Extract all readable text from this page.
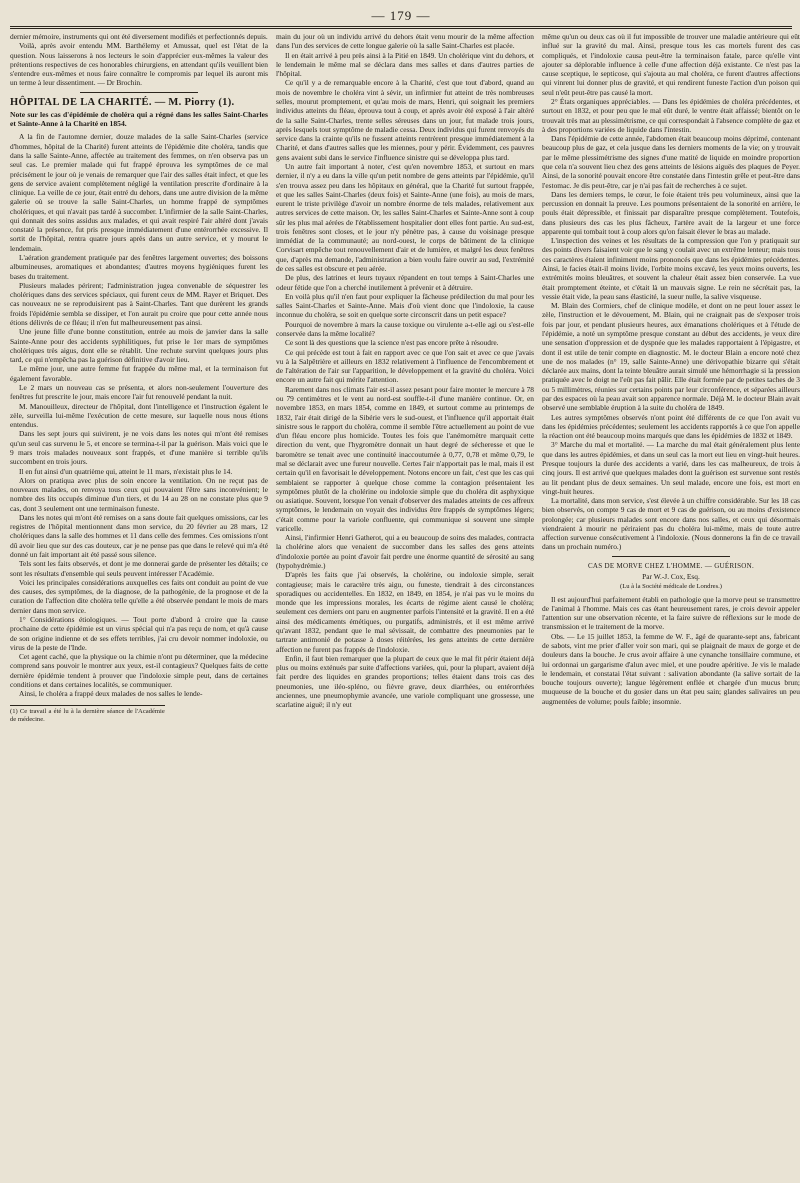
— 179 —

dernier mémoire, instruments qui ont été diversement modifiés et perfectionnés depuis.

Voilà, après avoir entendu MM. Barthélemy et Amussat, quel est l'état de la question. Nous laisserons à nos lecteurs le soin d'apprécier eux-mêmes la valeur des prétentions respectives de ces honorables chirurgiens, en attendant qu'ils veuillent bien s'entendre eux-mêmes et nous faire connaître le compromis par lequel ils auront mis un terme à leur dissentiment. — Dr Brochin.

HÔPITAL DE LA CHARITÉ. — M. Piorry (1).
Note sur les cas d'épidémie de choléra qui a régné dans les salles Saint-Charles et Sainte-Anne à la Charité en 1854.

A la fin de l'automne dernier, douze malades de la salle Saint-Charles (service d'hommes, hôpital de la Charité) furent atteints de l'épidémie dite choléra, tandis que dans la salle Sainte-Anne, affectée au traitement des femmes, on n'en observa pas un seul cas. Le premier malade qui fut frappé éprouva les symptômes de ce mal précisément le jour où je venais de remarquer que l'air des salles était infect, et que les gens de service avaient complètement négligé la ventilation prescrite d'ordinaire à la clinique. La veille de ce jour, était entré du dehors, dans une autre division de la même galerie où se trouve la salle Saint-Charles, un homme frappé de symptômes cholériques, et qui n'avait pas tardé à succomber. L'infirmier de la salle Saint-Charles, qui donnait des soins assidus aux malades, et qui avait respiré l'air altéré dont j'avais constaté la présence, fut pris presque immédiatement d'une entérorrhée excessive. Il sortit de l'hôpital, rentra quatre jours après dans un autre service, et y mourut le lendemain.

L'aération grandement pratiquée par des fenêtres largement ouvertes; des boissons albumineuses, aromatiques et abondantes; d'autres moyens hygiéniques furent les bases du traitement.

Plusieurs malades périrent; l'administration jugea convenable de séquestrer les cholériques dans des services spéciaux, qui furent ceux de MM. Rayer et Briquet. Des cas nouveaux ne se reproduisirent pas à Saint-Charles. Tant que durèrent les grands froids l'épidémie sembla se dissiper, et l'on aurait pu croire que pour cette année nous étions délivrés de ce fléau; il n'en fut malheureusement pas ainsi.

Une jeune fille d'une bonne constitution, entrée au mois de janvier dans la salle Sainte-Anne pour des accidents syphilitiques, fut prise le 1er mars de symptômes cholériques très aigus, dont elle se rétablit. Une rechute survint quelques jours plus tard, ce qui n'empêcha pas la guérison définitive d'avoir lieu.

Le même jour, une autre femme fut frappée du même mal, et la terminaison fut également favorable.

Le 2 mars un nouveau cas se présenta, et alors non-seulement l'ouverture des fenêtres fut prescrite le jour, mais encore l'air fut renouvelé pendant la nuit.

M. Manouilleux, directeur de l'hôpital, dont l'intelligence et l'instruction égalent le zèle, surveilla lui-même l'exécution de cette mesure, sur laquelle nous nous étions entendus.

Dans les sept jours qui suivirent, je ne vois dans les notes qui m'ont été remises qu'un seul cas survenu le 5, et encore se termina-t-il par la guérison. Mais voici que le 9 mars trois malades nouveaux sont frappés, et d'une manière si terrible qu'ils succombent en trois jours.

Il en fut ainsi d'un quatrième qui, atteint le 11 mars, n'existait plus le 14.

Alors on pratiqua avec plus de soin encore la ventilation. On ne reçut pas de nouveaux malades, on renvoya tous ceux qui pouvaient l'être sans inconvénient; le nombre des lits occupés diminue d'un tiers, et du 14 au 28 on ne constate plus que 9 cas, dont 3 seulement ont une terminaison funeste.

Dans les notes qui m'ont été remises on a sans doute fait quelques omissions, car les registres de l'hôpital mentionnent dans mon service, du 20 février au 28 mars, 12 cholériques dans la salle des hommes et 11 dans celle des femmes. Ces omissions n'ont dû avoir lieu que sur des cas douteux, car je ne pense pas que dans le relevé qui m'a été donné un fait important ait été passé sous silence.

Tels sont les faits observés, et dont je me donnerai garde de présenter les détails; ce sont les résultats d'ensemble qui seuls peuvent intéresser l'Académie.

Voici les principales considérations auxquelles ces faits ont conduit au point de vue des causes, des symptômes, de la diagnose, de la pathogénie, de la prognose et de la curation de l'affection dite choléra telle qu'elle a été observée pendant le mois de mars dernier dans mon service.

1° Considérations étiologiques. — Tout porte d'abord à croire que la cause prochaine de cette épidémie est un virus spécial qui n'a pas reçu de nom, et qu'à cause de son origine indienne et de ses effets terribles, j'ai cru devoir nommer indoloxie, ou virus de la peste de l'Inde.

Cet agent caché, que la physique ou la chimie n'ont pu déterminer, que la médecine comprend sans pouvoir le montrer aux yeux, est-il contagieux? Quelques faits de cette dernière épidémie tendent à prouver que l'indoloxie simple peut, dans de certaines conditions et dans certaines localités, se communiquer.

Ainsi, le choléra a frappé deux malades de nos salles le lende-

(1) Ce travail a été lu à la dernière séance de l'Académie de médecine.

main du jour où un individu arrivé du dehors était venu mourir de la même affection dans l'un des services de cette longue galerie où la salle Saint-Charles est placée.

Il en était arrivé à peu près ainsi à la Pitié en 1849. Un cholérique vint du dehors, et le lendemain le même mal se déclara dans mes salles et dans d'autres parties de l'hôpital.

Ce qu'il y a de remarquable encore à la Charité, c'est que tout d'abord, quand au mois de novembre le choléra vint à sévir, un infirmier fut atteint de très nombreuses selles, mourut promptement, et qu'au mois de mars, Henri, qui soignait les premiers individus atteints du fléau, éprouva tout à coup, et après avoir été exposé à l'air altéré de la salle Saint-Charles, trente selles séreuses dans un jour, fut malade trois jours, après lesquels tout symptôme de maladie cessa. Deux individus qui furent renvoyés du service dans la crainte qu'ils ne fussent atteints rentrèrent presque immédiatement à la Charité, et dans d'autres salles que les miennes, pour y périr. Évidemment, ces pauvres gens avaient subi dans le service l'influence sinistre qui se développa plus tard.

Un autre fait important à noter, c'est qu'en novembre 1853, et surtout en mars dernier, il n'y a eu dans la ville qu'un petit nombre de gens atteints par l'épidémie, qu'il s'en trouva assez peu dans les hôpitaux en général, que la Charité fut surtout frappée, et que les salles Saint-Charles (deux fois) et Sainte-Anne (une fois), au mois de mars, eurent le triste privilège d'avoir un nombre énorme de tels malades, relativement aux autres services de cette maison. Or, les salles Saint-Charles et Sainte-Anne sont à coup sûr les plus mal aérées de l'établissement hospitalier dont elles font partie. Au sud-est, trois fenêtres sont closes, et le jour n'y pénètre pas, à cause du voisinage presque immédiat de la communauté; au nord-ouest, le corps de bâtiment de la clinique Corvisart empêche tout renouvellement d'air et de lumière, et malgré les deux fenêtres que, d'après ma demande, l'administration a bien voulu faire ouvrir au sud, l'extrémité de ces salles est obscure et peu aérée.

De plus, des latrines et leurs tuyaux répandent en tout temps à Saint-Charles une odeur fétide que l'on a cherché inutilement à prévenir et à détruire.

En voilà plus qu'il n'en faut pour expliquer la fâcheuse prédilection du mal pour les salles Saint-Charles et Sainte-Anne. Mais d'où vient donc que l'indoloxie, la cause inconnue du choléra, se soit en quelque sorte circonscrit dans un petit espace?

Pourquoi de novembre à mars la cause toxique ou virulente a-t-elle agi ou s'est-elle conservée dans la même localité?

Ce sont là des questions que la science n'est pas encore prête à résoudre.

Ce qui précède est tout à fait en rapport avec ce que l'on sait et avec ce que j'avais vu à la Salpêtrière et ailleurs en 1832 relativement à l'influence de l'encombrement et de l'altération de l'air sur l'apparition, le développement et la gravité du choléra. Voici encore un autre fait qui mérite l'attention.

Rarement dans nos climats l'air est-il assez pesant pour faire monter le mercure à 78 ou 79 centimètres et le vent au nord-est souffle-t-il d'une manière continue. Or, en novembre 1853, en mars 1854, comme en 1849, et surtout comme au printemps de 1832, l'air était dirigé de la Sibérie vers le sud-ouest, et l'influence qu'il apportait était sinistre sous le rapport du choléra, comme il semble l'être actuellement au point de vue d'un fléau encore plus homicide. Toutes les fois que l'anémomètre marquait cette direction du vent, que l'hygromètre donnait un haut degré de sécheresse et que le baromètre se tenait avec une continuité inaccoutumée à 0,77, 0,78 et même 0,79, le mal se déclarait avec une fureur nouvelle. Certes l'air n'apportait pas le mal, mais il est certain qu'il en favorisait le développement. Notons encore un fait, c'est que les cas qui semblaient se rapporter à quelque chose comme la contagion présentaient les symptômes plutôt de la cholérine ou indoloxie simple que du choléra dit asphyxique ou asiatique. Souvent, lorsque l'on venait d'observer des malades atteints de ces affreux symptômes, le lendemain on voyait des individus être frappés de symptômes légers; c'était comme pour la variole confluente, qui communique si souvent une simple varicelle.

Ainsi, l'infirmier Henri Gatherot, qui a eu beaucoup de soins des malades, contracta la cholérine alors que venaient de succomber dans les salles des gens atteints d'indoloxie portée au point d'avoir fait perdre une énorme quantité de sérosité au sang (hypohydrémie.)

D'après les faits que j'ai observés, la cholérine, ou indoloxie simple, serait contagieuse; mais le caractère très aigu, ou funeste, tiendrait à des circonstances sporadiques ou accidentelles. En 1832, en 1849, en 1854, je n'ai pas vu le moins du monde que les impressions morales, les écarts de régime aient causé le choléra; seulement ces derniers ont paru en augmenter parfois l'intensité et la gravité. Il en a été ainsi des médicaments émétiques, ou purgatifs, administrés, et il est même arrivé qu'avant 1832, pendant que le mal sévissait, de combattre des pneumonies par le tartrate antimonié de potasse à doses réitérées, les gens atteints de cette dernière affection ne furent pas frappés de l'indoloxie.

Enfin, il faut bien remarquer que la plupart de ceux que le mal fit périr étaient déjà plus ou moins exténués par suite d'affections variées, qui, pour la plupart, avaient déjà fait perdre des liquides en grandes proportions; telles étaient dans trois cas des pneumonies, une iléo-spléno, ou fièvre grave, deux diarrhées, ou entérorrhées anciennes, une pneumophymie avancée, une variole compliquant une grossesse, une scarlatine aiguë; il n'y eut

même qu'un ou deux cas où il fut impossible de trouver une maladie antérieure qui eût influé sur la gravité du mal. Ainsi, presque tous les cas mortels furent des cas compliqués, et l'indoloxie causa peut-être la terminaison fatale, parce qu'elle vint ajouter sa déplorable influence à celle d'une affection déjà existante. Ce n'est pas la cause sceptique, le septicose, qui s'ajouta au mal choléra, ce furent d'autres affections qui vinrent lui donner plus de gravité, et qui rendirent funeste l'action d'un poison qui seul n'eût peut-être pas causé la mort.

2° États organiques appréciables. — Dans les épidémies de choléra précédentes, et surtout en 1832, et pour peu que le mal eût duré, le ventre était affaissé; bientôt on le trouvait très mat au plessimétrisme, ce qui correspondait à l'absence complète de gaz et à des proportions variées de liquide dans l'intestin.

Dans l'épidémie de cette année, l'abdomen était beaucoup moins déprimé, contenant beaucoup plus de gaz, et cela jusque dans les derniers moments de la vie; on y trouvait par le même plessimétrisme des signes d'une matité de liquide en moindre proportion que cela n'a souvent lieu chez des gens atteints de lésions aiguës des plaques de Peyer. Ainsi, de la sonorité pouvait encore être constatée dans l'intestin grêle et peut-être dans l'estomac. Je dis peut-être, car je n'ai pas fait de recherches à ce sujet.

Dans les derniers temps, le cœur, le foie étaient très peu volumineux, ainsi que la percussion en donnait la preuve. Les poumons présentaient de la sonorité en arrière, le pouls était dépressible, et finissait par disparaître presque complètement. Toutefois, dans plusieurs des cas les plus fâcheux, l'artère avait de la largeur et une force apparente qui tombait tout à coup alors qu'on faisait élever le bras au malade.

L'inspection des veines et les résultats de la compression que l'on y pratiquait sur des points divers faisaient voir que le sang y coulait avec un extrême lenteur; mais tous ces caractères étaient infiniment moins prononcés que dans les épidémies précédentes. Ainsi, le facies était-il moins livide, l'orbite moins excavé, les yeux moins ouverts, les extrémités moins bleuâtres, et souvent la chaleur était assez bien conservée. La vue était promptement éteinte, et c'était là un mauvais signe. Le rein ne sécrétait pas, la vessie était vide, la peau sans élasticité, la sueur nulle, la salive visqueuse.

M. Blain des Cormiers, chef de clinique modèle, et dont on ne peut louer assez le zèle, l'instruction et le dévouement, M. Blain, qui ne craignait pas de s'exposer trois fois par jour, et pendant plusieurs heures, aux émanations cholériques et à l'étude de l'épidémie, a noté un symptôme presque constant au début des accidents, je veux dire une sensation d'oppression et de dyspnée que les malades rapportaient à l'épigastre, et dont il est utile de tenir compte en diagnostic. M. le docteur Blain a encore noté chez une de nos malades (n° 19, salle Sainte-Anne) une dérivopathie bizarre qui s'était déclarée aux mains, dont la teinte bleuâtre aurait simulé une hémorrhagie si la pression pratiquée avec le doigt ne l'eût pas fait pâlir. Elle était formée par de petites taches de 3 ou 5 millimètres, réunies sur certains points par leur circonférence, et séparées ailleurs par des espaces où la peau avait son apparence normale. Déjà M. le docteur Blain avait observé une semblable éruption à la suite du choléra de 1849.

Les autres symptômes observés n'ont point été différents de ce que l'on avait vu dans les épidémies précédentes; seulement les accidents rapportés à ce que l'on appelle la réaction ont été beaucoup moins marqués que dans les épidémies de 1832 et 1849.

3° Marche du mal et mortalité. — La marche du mal était généralement plus lente que dans les autres épidémies, et dans un seul cas la mort eut lieu en vingt-huit heures. Presque toujours la durée des accidents a varié, dans les cas malheureux, de trois à cinq jours. Il est arrivé que quelques malades dont la guérison est survenue sont restés au lit pendant plus de deux semaines. Un seul malade, encore une fois, est mort en vingt-huit heures.

La mortalité, dans mon service, s'est élevée à un chiffre considérable. Sur les 18 cas bien observés, on compte 9 cas de mort et 9 cas de guérison, ou au moins d'existence prolongée; car plusieurs malades sont encore dans nos salles, et ceux qui désormais viendraient à mourir ne périraient pas du choléra lui-même, mais de toute autre affection survenue consécutivement à l'indoloxie. (Nous donnerons la fin de ce travail dans un prochain numéro.)

CAS DE MORVE CHEZ L'HOMME. — GUÉRISON.
Par W.-J. Cox, Esq.
(Lu à la Société médicale de Londres.)

Il est aujourd'hui parfaitement établi en pathologie que la morve peut se transmettre de l'animal à l'homme. Mais ces cas étant heureusement rares, je crois devoir appeler l'attention sur une observation récente, et la faire suivre de réflexions sur le mode de transmission et le traitement de la morve.

Obs. — Le 15 juillet 1853, la femme de W. F., âgé de quarante-sept ans, fabricant de sabots, vint me prier d'aller voir son mari, qui se plaignait de maux de gorge et de douleurs dans la bouche. Je crus avoir affaire à une cynanche tonsillaire commune, et lui ordonnai un gargarisme d'alun avec miel, et une poudre apéritive. Je vis le malade le lendemain, et constatai l'état suivant : salivation abondante (la salive sortait de la bouche toujours ouverte); langue légèrement enflée et chargée d'un mucus brun; muqueuse de la bouche et du gosier dans un état peu sain; glandes salivaires un peu augmentées de volume; pouls faible; insomnie.
